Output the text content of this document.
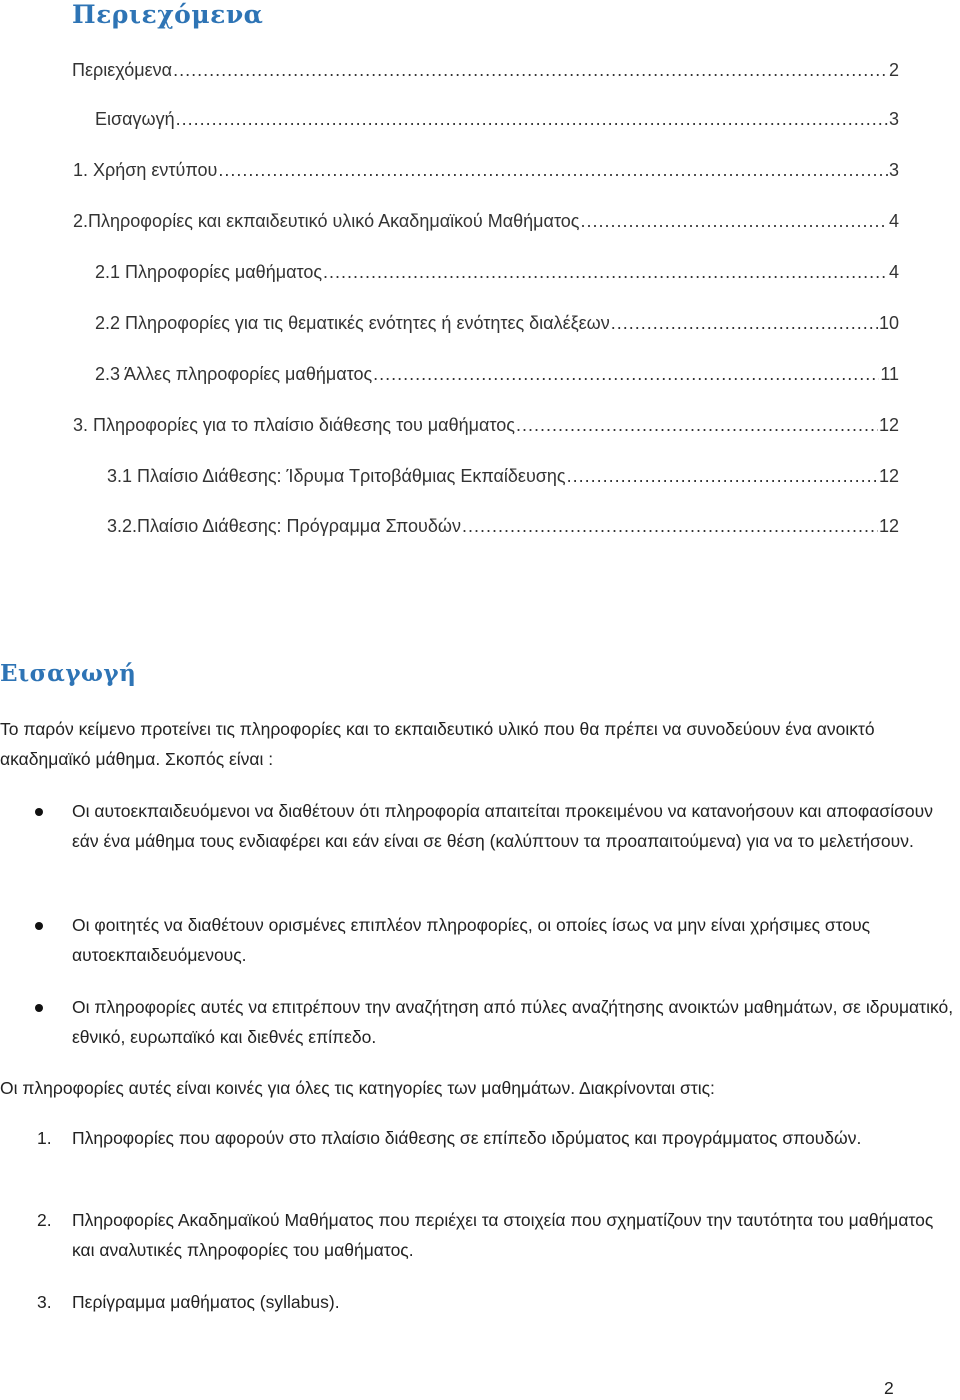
Περιεχόμενα
Περιεχόμενα .....	2
Εισαγωγή .....	3
1. Χρήση εντύπου .....	3
2.Πληροφορίες και εκπαιδευτικό υλικό Ακαδημαϊκού Μαθήματος .....	4
2.1 Πληροφορίες μαθήματος .....	4
2.2 Πληροφορίες για τις θεματικές ενότητες ή ενότητες διαλέξεων .....	10
2.3 Άλλες πληροφορίες μαθήματος .....	11
3. Πληροφορίες για το πλαίσιο διάθεσης του μαθήματος .....	12
3.1 Πλαίσιο Διάθεσης: Ίδρυμα Τριτοβάθμιας Εκπαίδευσης .....	12
3.2.Πλαίσιο Διάθεσης: Πρόγραμμα Σπουδών .....	12
Εισαγωγή

Το παρόν κείμενο προτείνει τις πληροφορίες και το εκπαιδευτικό υλικό που θα πρέπει να συνοδεύουν ένα ανοικτό ακαδημαϊκό μάθημα. Σκοπός είναι :

Οι αυτοεκπαιδευόμενοι να διαθέτουν ότι πληροφορία απαιτείται προκειμένου να κατανοήσουν και αποφασίσουν εάν ένα μάθημα τους ενδιαφέρει και εάν είναι σε θέση (καλύπτουν τα προαπαιτούμενα) για να το μελετήσουν.

Οι φοιτητές να διαθέτουν ορισμένες επιπλέον πληροφορίες, οι οποίες ίσως να μην είναι χρήσιμες στους αυτοεκπαιδευόμενους.

Οι πληροφορίες αυτές να επιτρέπουν την αναζήτηση από πύλες αναζήτησης ανοικτών μαθημάτων, σε ιδρυματικό, εθνικό, ευρωπαϊκό και διεθνές επίπεδο.

Οι πληροφορίες αυτές είναι κοινές για όλες τις κατηγορίες των μαθημάτων. Διακρίνονται στις:

1. Πληροφορίες που αφορούν στο πλαίσιο διάθεσης σε επίπεδο ιδρύματος και προγράμματος σπουδών.

2. Πληροφορίες Ακαδημαϊκού Μαθήματος που περιέχει τα στοιχεία που σχηματίζουν την ταυτότητα του μαθήματος και αναλυτικές πληροφορίες του μαθήματος.

3. Περίγραμμα μαθήματος (syllabus).

2
